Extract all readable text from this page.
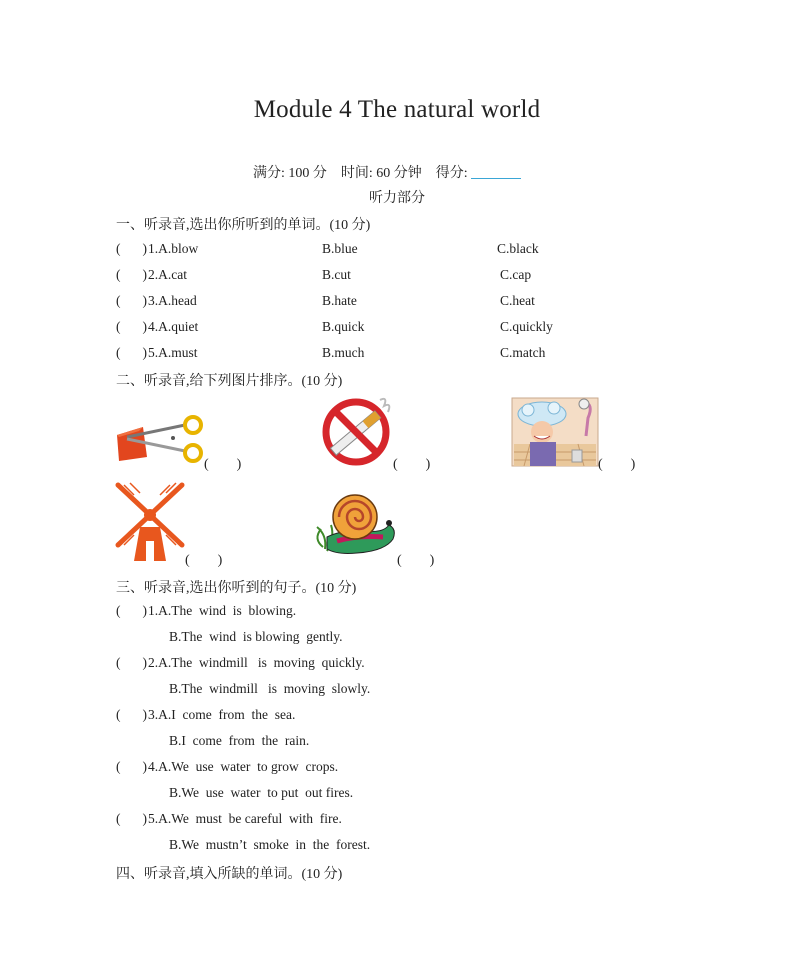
Module 4 The natural world
满分: 100 分 时间: 60 分钟 得分:
听力部分
一、听录音,选出你所听到的单词。(10 分)
( ) 1.A.blow	B.blue	C.black
( ) 2.A.cat	B.cut	C.cap
( ) 3.A.head	B.hate	C.heat
( ) 4.A.quiet	B.quick	C.quickly
( ) 5.A.must	B.much	C.match
二、听录音,给下列图片排序。(10 分)
(　　)	(　　)	(　　)
(　　)	(　　)
三、听录音,选出你听到的句子。(10 分)
( ) 1.A.The  wind  is  blowing.
B.The  wind  is blowing  gently.
( ) 2.A.The  windmill   is  moving  quickly.
B.The  windmill   is  moving  slowly.
( ) 3.A.I  come  from  the  sea.
B.I  come  from  the  rain.
( ) 4.A.We  use  water  to grow  crops.
B.We  use  water  to put  out fires.
( ) 5.A.We  must  be careful  with  fire.
B.We  mustn’t  smoke  in  the  forest.
四、听录音,填入所缺的单词。(10 分)
